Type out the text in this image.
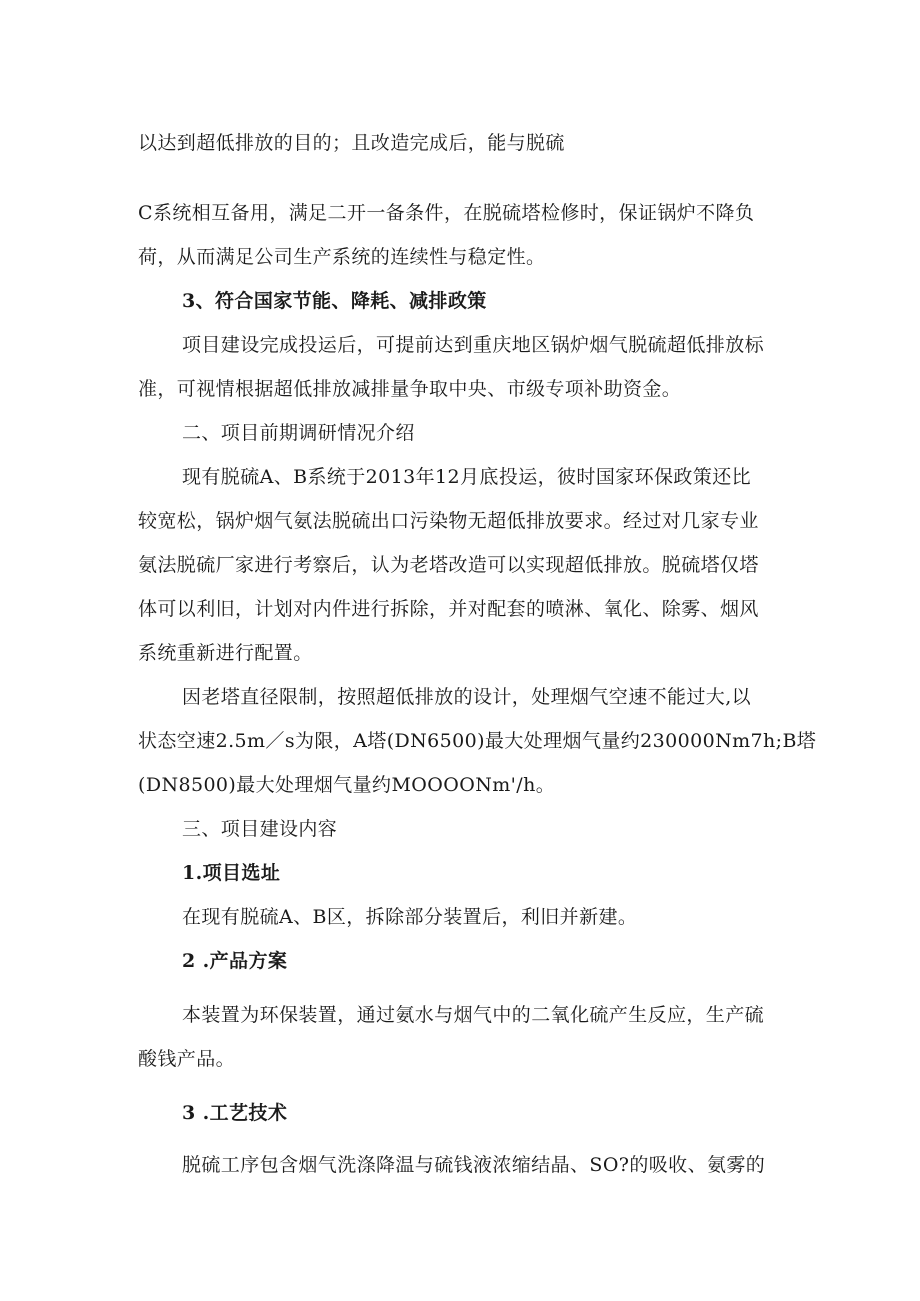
以达到超低排放的目的；且改造完成后，能与脱硫

C系统相互备用，满足二开一备条件，在脱硫塔检修时，保证锅炉不降负

荷，从而满足公司生产系统的连续性与稳定性。

3、符合国家节能、降耗、减排政策

项目建设完成投运后，可提前达到重庆地区锅炉烟气脱硫超低排放标

准，可视情根据超低排放减排量争取中央、市级专项补助资金。

二、项目前期调研情况介绍

现有脱硫A、B系统于2013年12月底投运，彼时国家环保政策还比

较宽松，锅炉烟气氨法脱硫出口污染物无超低排放要求。经过对几家专业

氨法脱硫厂家进行考察后，认为老塔改造可以实现超低排放。脱硫塔仅塔

体可以利旧，计划对内件进行拆除，并对配套的喷淋、氧化、除雾、烟风

系统重新进行配置。

因老塔直径限制，按照超低排放的设计，处理烟气空速不能过大,以

状态空速2.5m／s为限，A塔(DN6500)最大处理烟气量约230000Nm7h;B塔

(DN8500)最大处理烟气量约MOOOONm'/h。

三、项目建设内容

1.项目选址

在现有脱硫A、B区，拆除部分装置后，利旧并新建。

2 .产品方案

本装置为环保装置，通过氨水与烟气中的二氧化硫产生反应，生产硫

酸钱产品。

3 .工艺技术

脱硫工序包含烟气洗涤降温与硫钱液浓缩结晶、SO?的吸收、氨雾的
